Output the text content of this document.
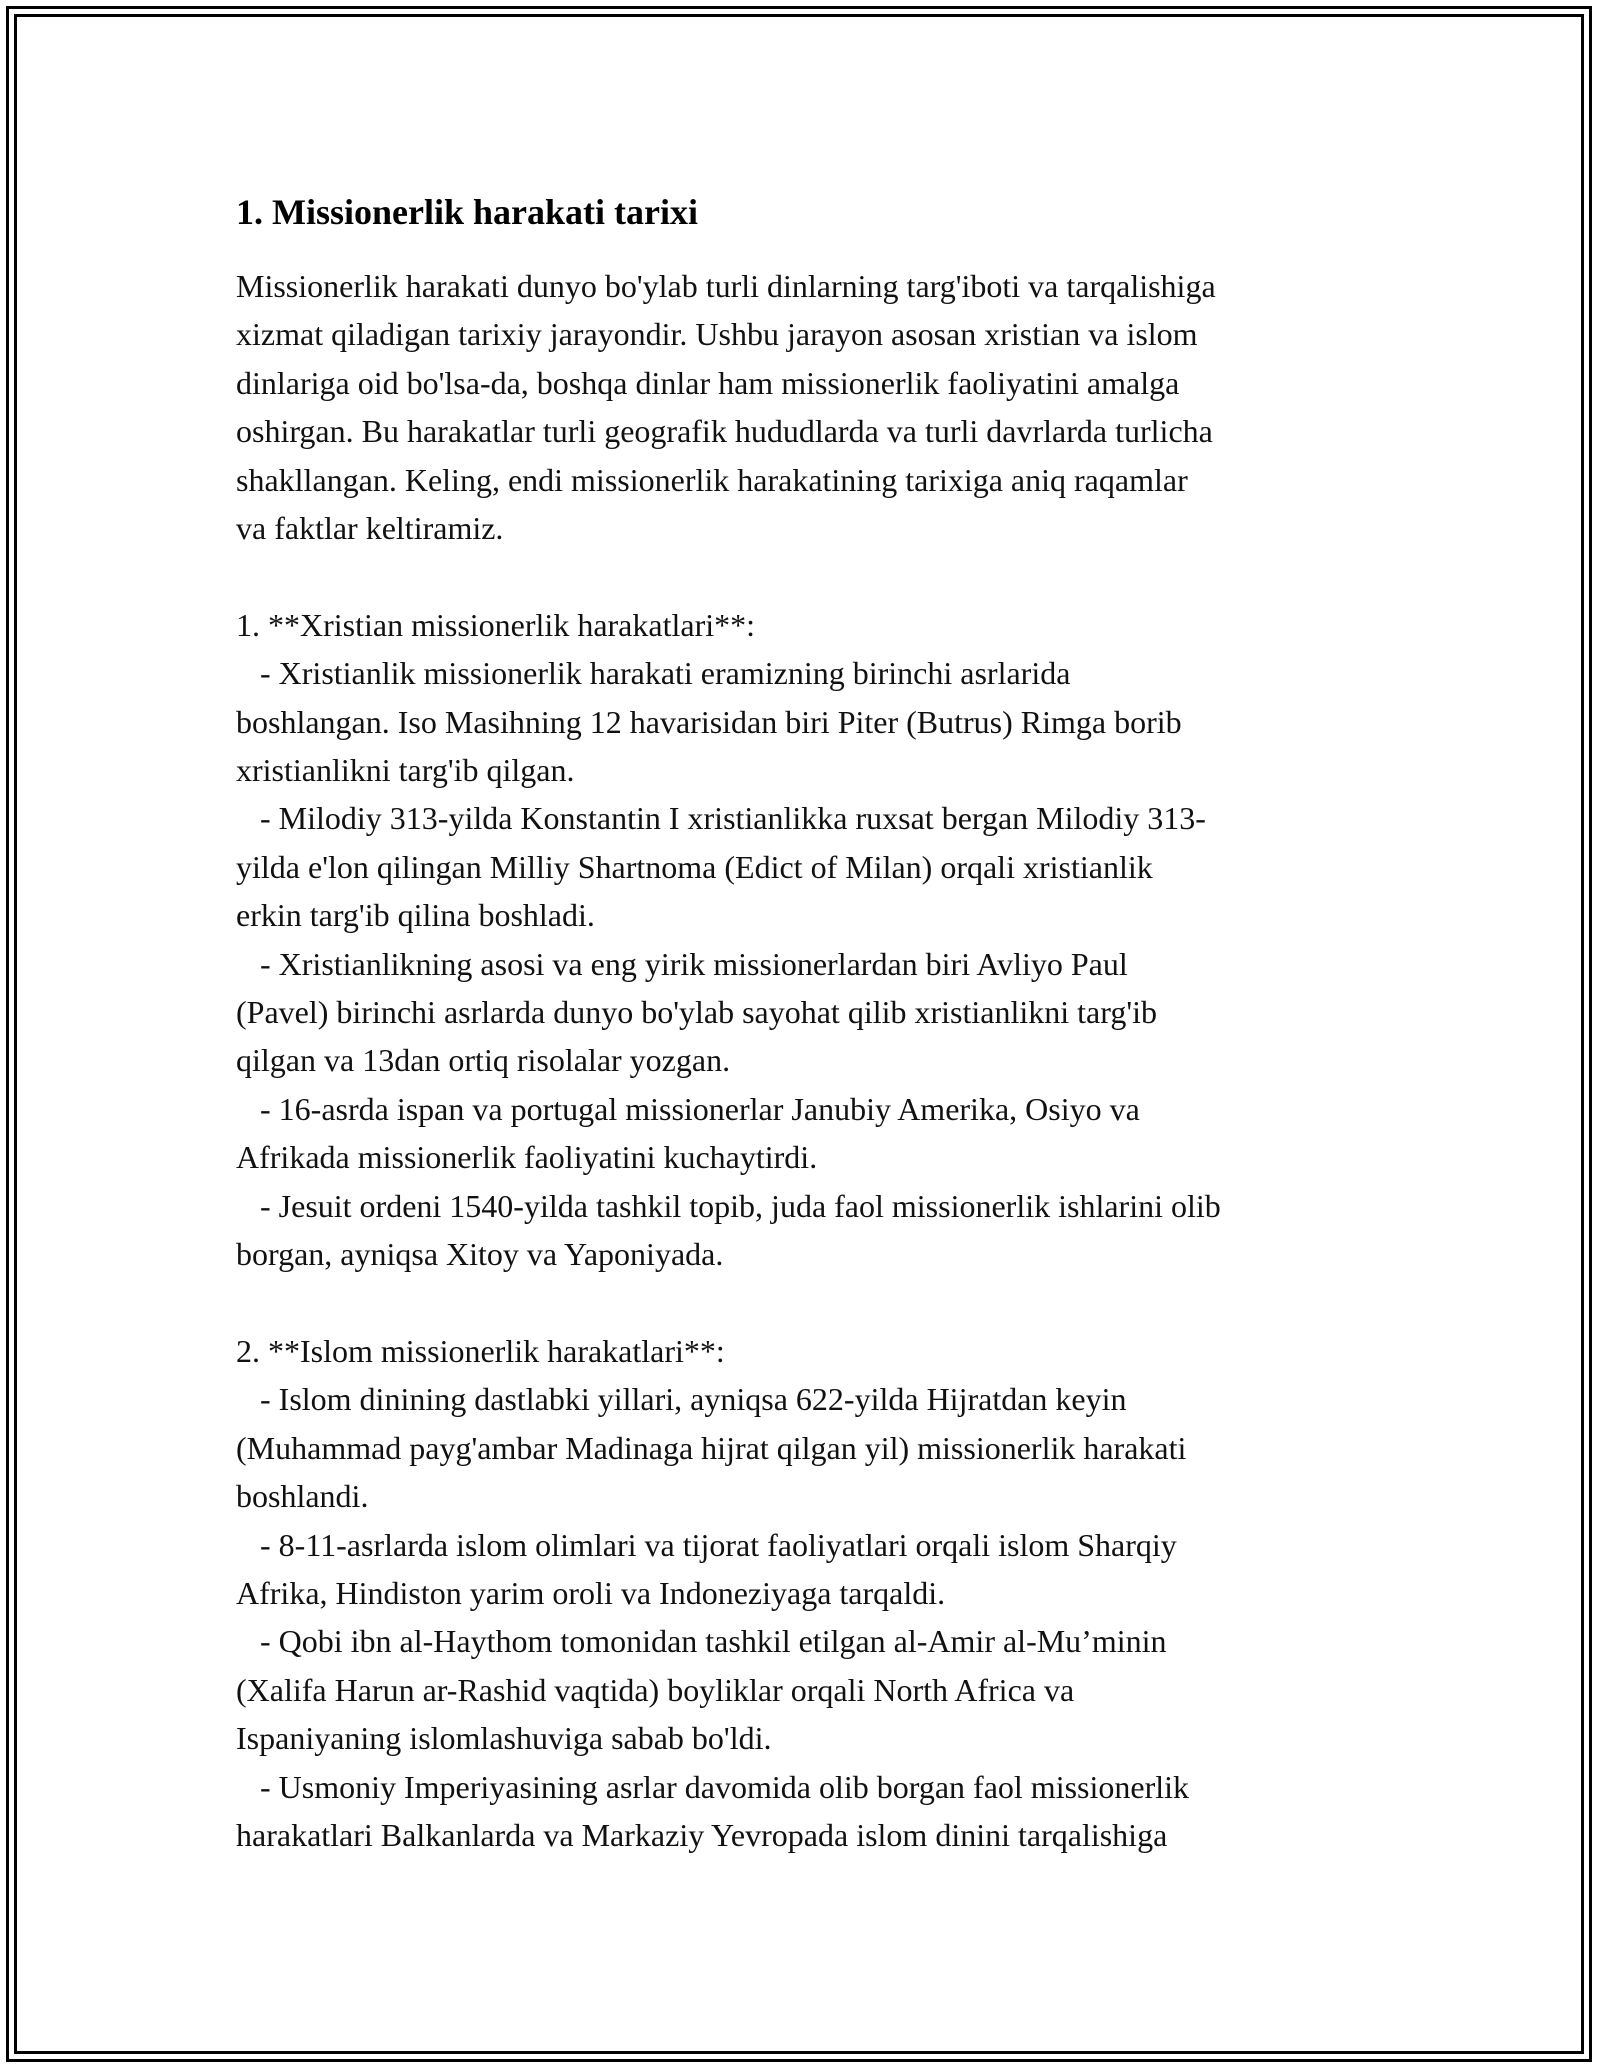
1. Missionerlik harakati tarixi

Missionerlik harakati dunyo bo'ylab turli dinlarning targ'iboti va tarqalishiga
xizmat qiladigan tarixiy jarayondir. Ushbu jarayon asosan xristian va islom
dinlariga oid bo'lsa-da, boshqa dinlar ham missionerlik faoliyatini amalga
oshirgan. Bu harakatlar turli geografik hududlarda va turli davrlarda turlicha
shakllangan. Keling, endi missionerlik harakatining tarixiga aniq raqamlar
va faktlar keltiramiz.

1. **Xristian missionerlik harakatlari**:

- Xristianlik missionerlik harakati eramizning birinchi asrlarida
boshlangan. Iso Masihning 12 havarisidan biri Piter (Butrus) Rimga borib
xristianlikni targ'ib qilgan.

- Milodiy 313-yilda Konstantin I xristianlikka ruxsat bergan Milodiy 313-
yilda e'lon qilingan Milliy Shartnoma (Edict of Milan) orqali xristianlik
erkin targ'ib qilina boshladi.

- Xristianlikning asosi va eng yirik missionerlardan biri Avliyo Paul
(Pavel) birinchi asrlarda dunyo bo'ylab sayohat qilib xristianlikni targ'ib
qilgan va 13dan ortiq risolalar yozgan.

- 16-asrda ispan va portugal missionerlar Janubiy Amerika, Osiyo va
Afrikada missionerlik faoliyatini kuchaytirdi.

- Jesuit ordeni 1540-yilda tashkil topib, juda faol missionerlik ishlarini olib
borgan, ayniqsa Xitoy va Yaponiyada.

2. **Islom missionerlik harakatlari**:

- Islom dinining dastlabki yillari, ayniqsa 622-yilda Hijratdan keyin
(Muhammad payg'ambar Madinaga hijrat qilgan yil) missionerlik harakati
boshlandi.

- 8-11-asrlarda islom olimlari va tijorat faoliyatlari orqali islom Sharqiy
Afrika, Hindiston yarim oroli va Indoneziyaga tarqaldi.

- Qobi ibn al-Haythom tomonidan tashkil etilgan al-Amir al-Mu’minin
(Xalifa Harun ar-Rashid vaqtida) boyliklar orqali North Africa va
Ispaniyaning islomlashuviga sabab bo'ldi.

- Usmoniy Imperiyasining asrlar davomida olib borgan faol missionerlik
harakatlari Balkanlarda va Markaziy Yevropada islom dinini tarqalishiga
